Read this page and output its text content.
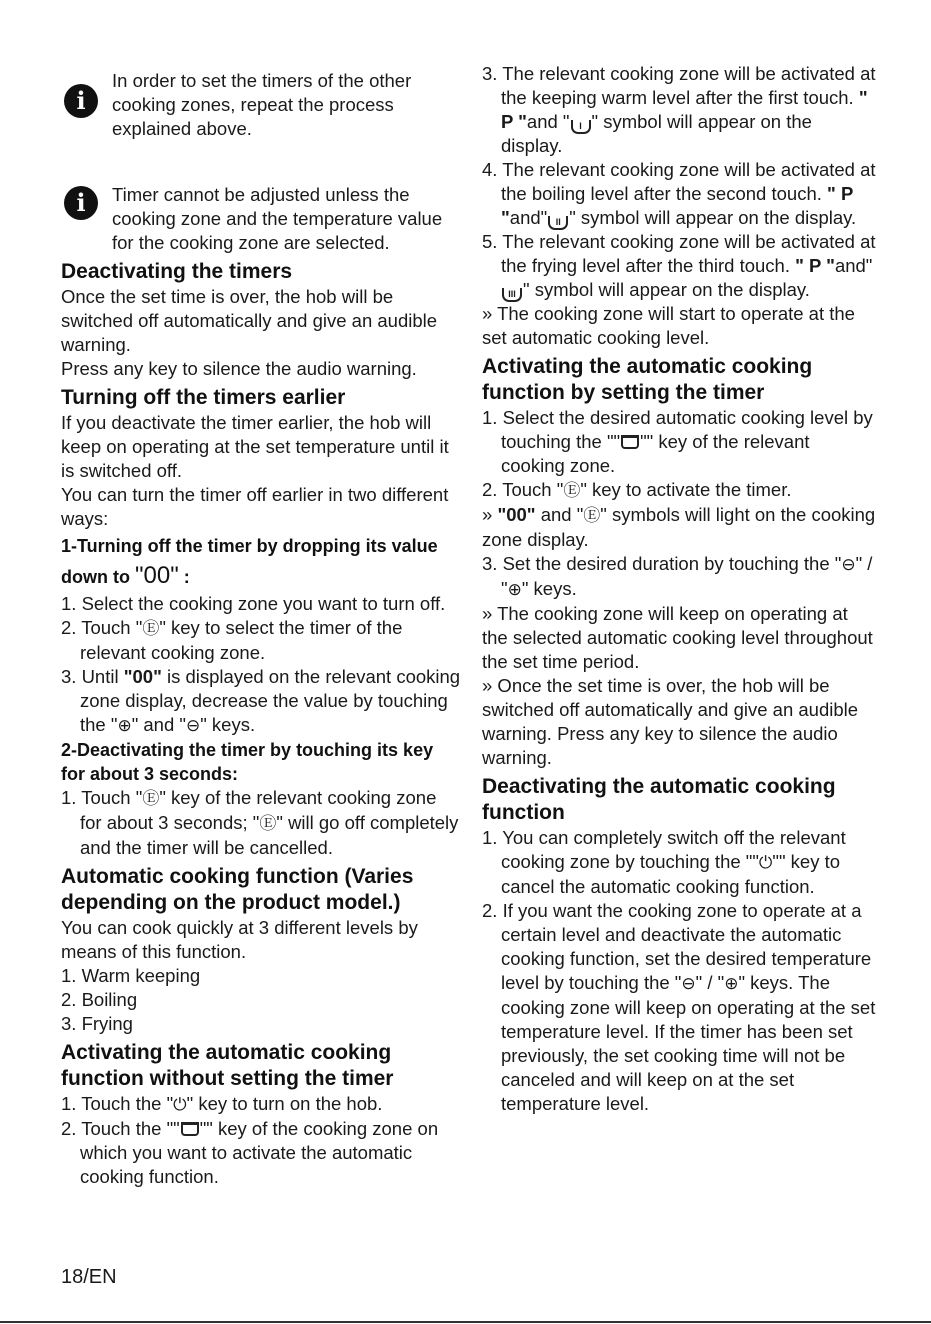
i
In order to set the timers of the other cooking zones, repeat the process explained above.
i	Timer cannot be adjusted unless the cooking zone and the temperature value for the cooking zone are selected.
Deactivating the timers

Once the set time is over, the hob will be switched off automatically and give an audible warning.

Press any key to silence the audio warning.

Turning off the timers earlier

If you deactivate the timer earlier, the hob will keep on operating at the set temperature until it is switched off.

You can turn the timer off earlier in two different ways:

1-Turning off the timer by dropping its value down to "00" :

1. Select the cooking zone you want to turn off.

2. Touch "Ⓔ" key to select the timer of the relevant cooking zone.

3. Until "00" is displayed on the relevant cooking zone display, decrease the value by touching the "⊕" and "⊖" keys.

2-Deactivating the timer by touching its key for about 3 seconds:

1. Touch "Ⓔ" key of the relevant cooking zone for about 3 seconds; "Ⓔ" will go off completely and the timer will be cancelled.

Automatic cooking function (Varies depending on the product model.)

You can cook quickly at 3 different levels by means of this function.

1. Warm keeping

2. Boiling

3. Frying

Activating the automatic cooking function without setting the timer

1. Touch the "⏻" key to turn on the hob.

2. Touch the "" "" key of the cooking zone on which you want to activate the automatic cooking function.

3. The relevant cooking zone will be activated at the keeping warm level after the first touch. " P "and " I " symbol will appear on the display.

4. The relevant cooking zone will be activated at the boiling level after the second touch. " P "and" II " symbol will appear on the display.

5. The relevant cooking zone will be activated at the frying level after the third touch. " P "and"III " symbol will appear on the display.

» The cooking zone will start to operate at the set automatic cooking level.

Activating the automatic cooking function by setting the timer

1. Select the desired automatic cooking level by touching the "" "" key of the relevant cooking zone.

2. Touch "Ⓔ" key to activate the timer.

» "00" and "Ⓔ" symbols will light on the cooking zone display.

3. Set the desired duration by touching the "⊖" / "⊕" keys.

» The cooking zone will keep on operating at the selected automatic cooking level throughout the set time period.

» Once the set time is over, the hob will be switched off automatically and give an audible warning. Press any key to silence the audio warning.

Deactivating the automatic cooking function

1. You can completely switch off the relevant cooking zone by touching the ""⏻"" key to cancel the automatic cooking function.

2. If you want the cooking zone to operate at a certain level and deactivate the automatic cooking function, set the desired temperature level by touching the "⊖" / "⊕" keys. The cooking zone will keep on operating at the set temperature level. If the timer has been set previously, the set cooking time will not be canceled and will keep on at the set temperature level.

18/EN
